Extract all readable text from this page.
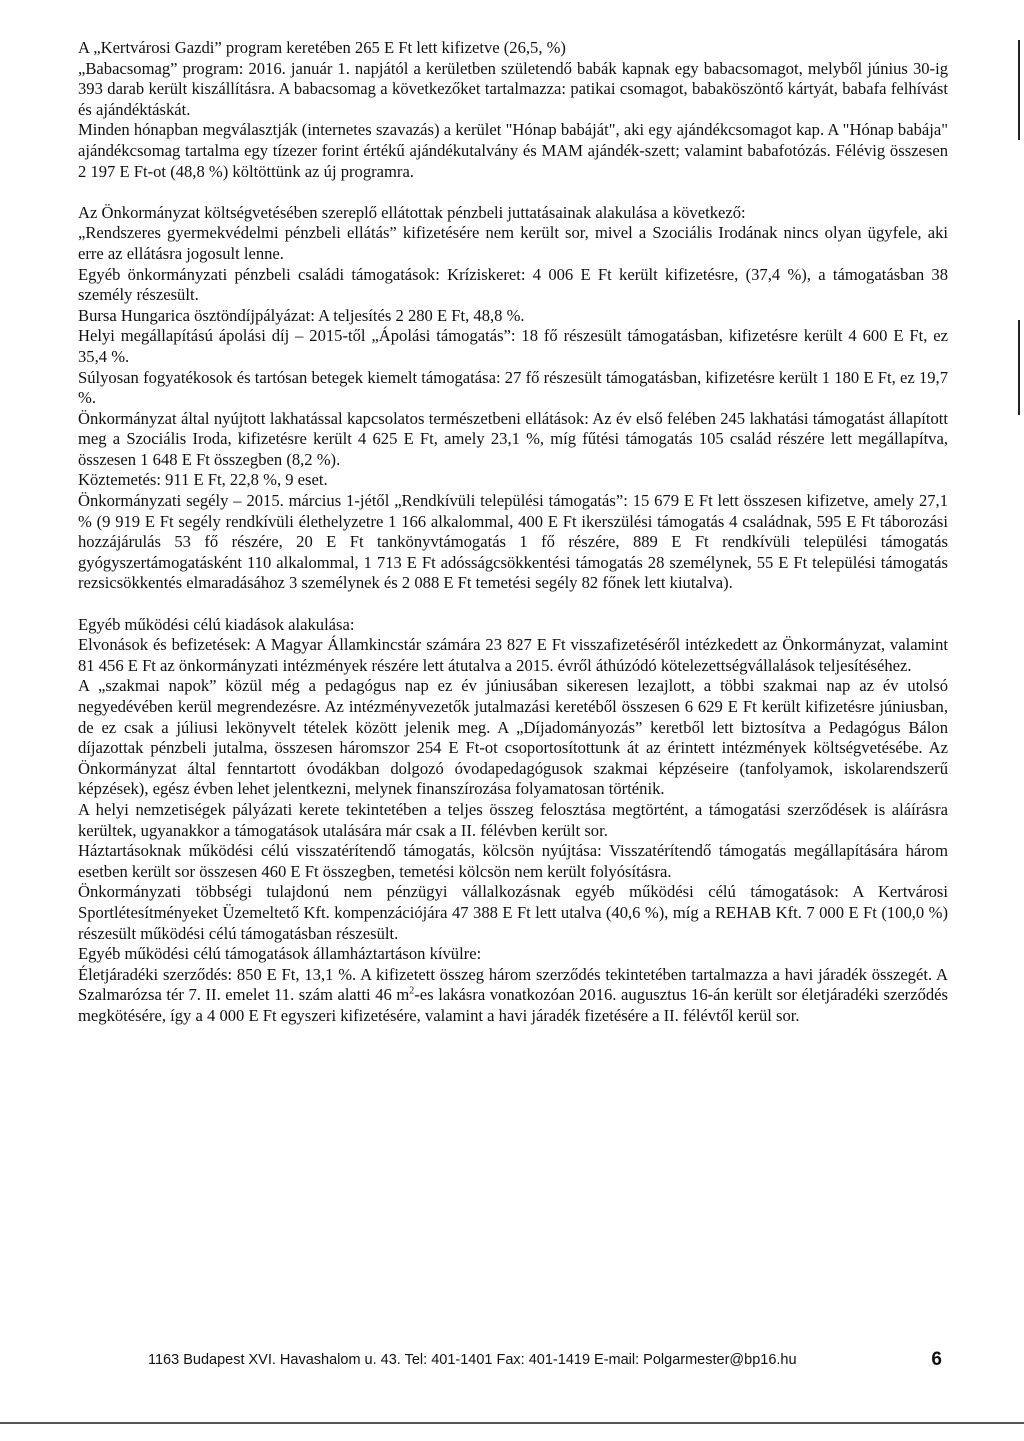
A „Kertvárosi Gazdi” program keretében 265 E Ft lett kifizetve (26,5, %)

„Babacsomag” program: 2016. január 1. napjától a kerületben születendő babák kapnak egy babacsomagot, melyből június 30-ig 393 darab került kiszállításra. A babacsomag a következőket tartalmazza: patikai csomagot, babaköszöntő kártyát, babafa felhívást és ajándéktáskát.

Minden hónapban megválasztják (internetes szavazás) a kerület "Hónap babáját", aki egy ajándékcsomagot kap. A "Hónap babája" ajándékcsomag tartalma egy tízezer forint értékű ajándékutalvány és MAM ajándék-szett; valamint babafotózás. Félévig összesen 2 197 E Ft-ot (48,8 %) költöttünk az új programra.

Az Önkormányzat költségvetésében szereplő ellátottak pénzbeli juttatásainak alakulása a következő:

„Rendszeres gyermekvédelmi pénzbeli ellátás” kifizetésére nem került sor, mivel a Szociális Irodának nincs olyan ügyfele, aki erre az ellátásra jogosult lenne.

Egyéb önkormányzati pénzbeli családi támogatások: Kríziskeret: 4 006 E Ft került kifizetésre, (37,4 %), a támogatásban 38 személy részesült.

Bursa Hungarica ösztöndíjpályázat: A teljesítés 2 280 E Ft, 48,8 %.

Helyi megállapítású ápolási díj – 2015-től „Ápolási támogatás”: 18 fő részesült támogatásban, kifizetésre került 4 600 E Ft, ez 35,4 %.

Súlyosan fogyatékosok és tartósan betegek kiemelt támogatása: 27 fő részesült támogatásban, kifizetésre került 1 180 E Ft, ez 19,7 %.

Önkormányzat által nyújtott lakhatással kapcsolatos természetbeni ellátások: Az év első felében 245 lakhatási támogatást állapított meg a Szociális Iroda, kifizetésre került 4 625 E Ft, amely 23,1 %, míg fűtési támogatás 105 család részére lett megállapítva, összesen 1 648 E Ft összegben (8,2 %).

Köztemetés: 911 E Ft, 22,8 %, 9 eset.

Önkormányzati segély – 2015. március 1-jétől „Rendkívüli települési támogatás”: 15 679 E Ft lett összesen kifizetve, amely 27,1 % (9 919 E Ft segély rendkívüli élethelyzetre 1 166 alkalommal, 400 E Ft ikerszülési támogatás 4 családnak, 595 E Ft táborozási hozzájárulás 53 fő részére, 20 E Ft tankönyvtámogatás 1 fő részére, 889 E Ft rendkívüli települési támogatás gyógyszertámogatásként 110 alkalommal, 1 713 E Ft adósságcsökkentési támogatás 28 személynek, 55 E Ft települési támogatás rezsicsökkentés elmaradásához 3 személynek és 2 088 E Ft temetési segély 82 főnek lett kiutalva).

Egyéb működési célú kiadások alakulása:

Elvonások és befizetések: A Magyar Államkincstár számára 23 827 E Ft visszafizetéséről intézkedett az Önkormányzat, valamint 81 456 E Ft az önkormányzati intézmények részére lett átutalva a 2015. évről áthúzódó kötelezettségvállalások teljesítéséhez.

A „szakmai napok” közül még a pedagógus nap ez év júniusában sikeresen lezajlott, a többi szakmai nap az év utolsó negyedévében kerül megrendezésre. Az intézményvezetők jutalmazási keretéből összesen 6 629 E Ft került kifizetésre júniusban, de ez csak a júliusi lekönyvelt tételek között jelenik meg. A „Díjadományozás” keretből lett biztosítva a Pedagógus Bálon díjazottak pénzbeli jutalma, összesen háromszor 254 E Ft-ot csoportosítottunk át az érintett intézmények költségvetésébe. Az Önkormányzat által fenntartott óvodákban dolgozó óvodapedagógusok szakmai képzéseire (tanfolyamok, iskolarendszerű képzések), egész évben lehet jelentkezni, melynek finanszírozása folyamatosan történik.

A helyi nemzetiségek pályázati kerete tekintetében a teljes összeg felosztása megtörtént, a támogatási szerződések is aláírásra kerültek, ugyanakkor a támogatások utalására már csak a II. félévben került sor.

Háztartásoknak működési célú visszatérítendő támogatás, kölcsön nyújtása: Visszatérítendő támogatás megállapítására három esetben került sor összesen 460 E Ft összegben, temetési kölcsön nem került folyósításra.

Önkormányzati többségi tulajdonú nem pénzügyi vállalkozásnak egyéb működési célú támogatások: A Kertvárosi Sportlétesítményeket Üzemeltető Kft. kompenzációjára 47 388 E Ft lett utalva (40,6 %), míg a REHAB Kft. 7 000 E Ft (100,0 %) részesült működési célú támogatásban részesült.

Egyéb működési célú támogatások államháztartáson kívülre:

Életjáradéki szerződés: 850 E Ft, 13,1 %. A kifizetett összeg három szerződés tekintetében tartalmazza a havi járadék összegét. A Szalmarózsa tér 7. II. emelet 11. szám alatti 46 $m^2-es$ lakásra vonatkozóan 2016. augusztus 16-án került sor életjáradéki szerződés megkötésére, így a 4 000 E Ft egyszeri kifizetésére, valamint a havi járadék fizetésére a II. félévtől kerül sor.

1163 Budapest XVI. Havashalom u. 43. Tel: 401-1401 Fax: 401-1419 E-mail: Polgarmester@bp16.hu	6
